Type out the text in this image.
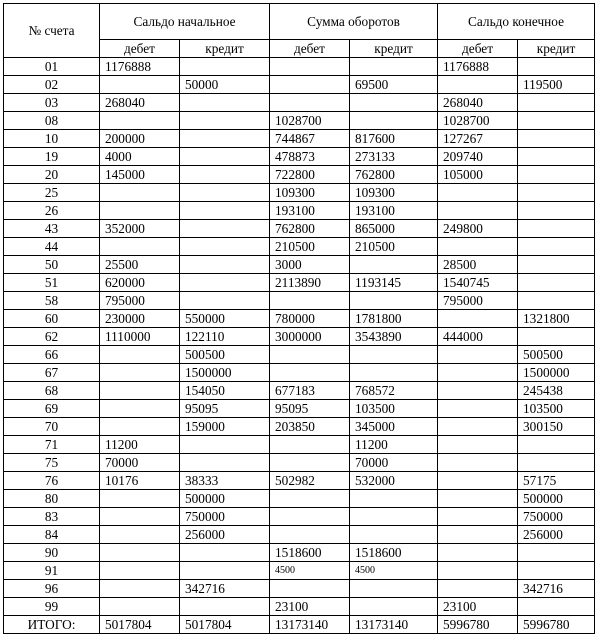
№ счета	Сальдо начальное		Сумма оборотов		Сальдо конечное	
	дебет	кредит	дебет	кредит	дебет	кредит
01	1176888				1176888	
02		50000		69500		119500
03	268040				268040	
08			1028700		1028700	
10	200000		744867	817600	127267	
19	4000		478873	273133	209740	
20	145000		722800	762800	105000	
25			109300	109300		
26			193100	193100		
43	352000		762800	865000	249800	
44			210500	210500		
50	25500		3000		28500	
51	620000		2113890	1193145	1540745	
58	795000				795000	
60	230000	550000	780000	1781800		1321800
62	1110000	122110	3000000	3543890	444000	
66		500500				500500
67		1500000				1500000
68		154050	677183	768572		245438
69		95095	95095	103500		103500
70		159000	203850	345000		300150
71	11200			11200		
75	70000			70000		
76	10176	38333	502982	532000		57175
80		500000				500000
83		750000				750000
84		256000				256000
90			1518600	1518600		
91			4500	4500		
96		342716				342716
99			23100		23100	
ИТОГО:	5017804	5017804	13173140	13173140	5996780	5996780
